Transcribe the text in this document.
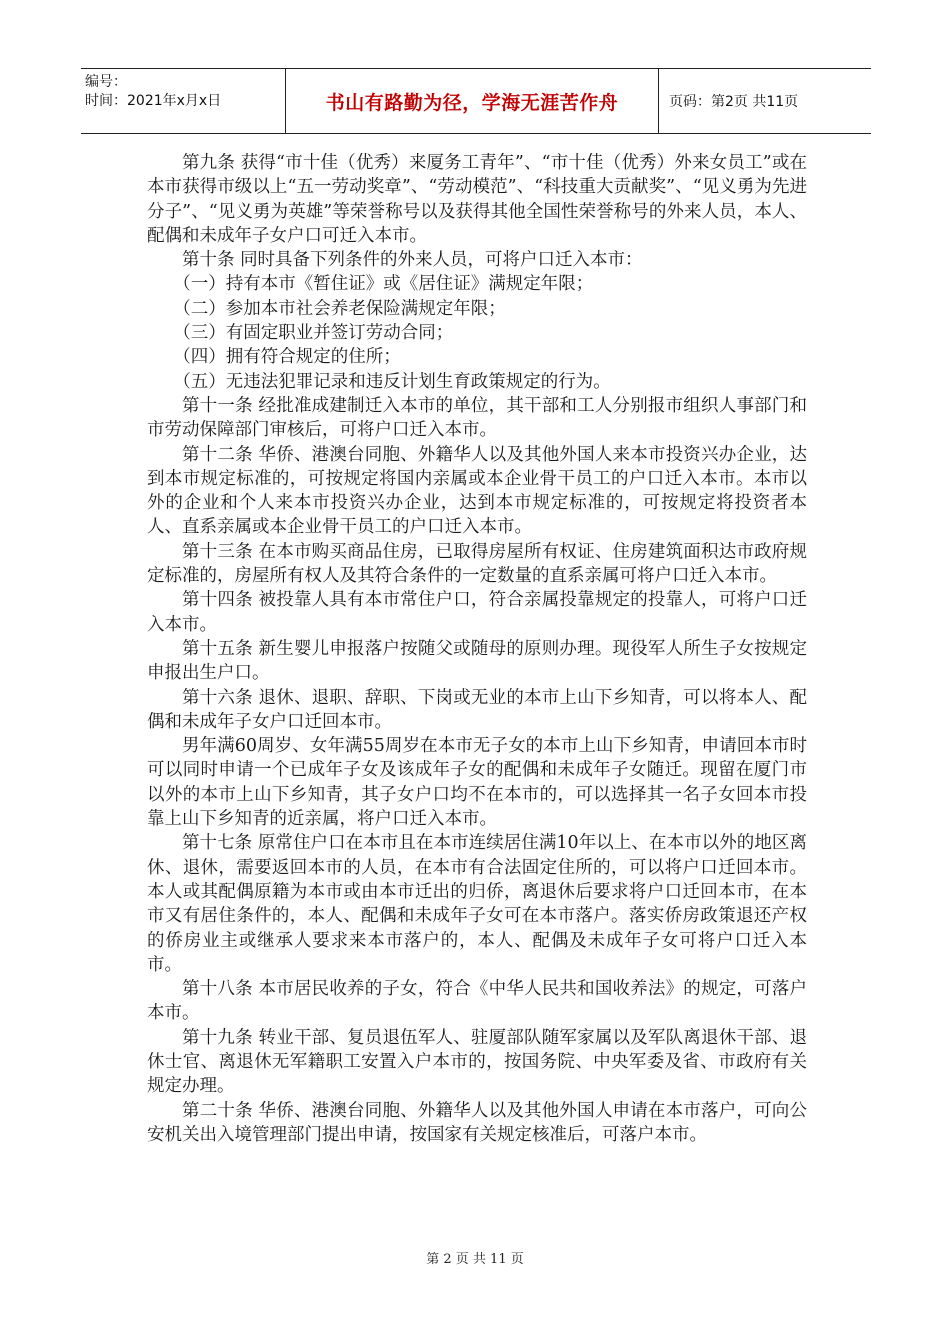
编号：
时间：2021年x月x日	书山有路勤为径，学海无涯苦作舟	页码：第2页 共11页

第九条 获得“市十佳（优秀）来厦务工青年”、“市十佳（优秀）外来女员工”或在本市获得市级以上“五一劳动奖章”、“劳动模范”、“科技重大贡献奖”、“见义勇为先进分子”、“见义勇为英雄”等荣誉称号以及获得其他全国性荣誉称号的外来人员，本人、配偶和未成年子女户口可迁入本市。

第十条 同时具备下列条件的外来人员，可将户口迁入本市：

（一）持有本市《暂住证》或《居住证》满规定年限；

（二）参加本市社会养老保险满规定年限；

（三）有固定职业并签订劳动合同；

（四）拥有符合规定的住所；

（五）无违法犯罪记录和违反计划生育政策规定的行为。

第十一条 经批准成建制迁入本市的单位，其干部和工人分别报市组织人事部门和市劳动保障部门审核后，可将户口迁入本市。

第十二条 华侨、港澳台同胞、外籍华人以及其他外国人来本市投资兴办企业，达到本市规定标准的，可按规定将国内亲属或本企业骨干员工的户口迁入本市。本市以外的企业和个人来本市投资兴办企业，达到本市规定标准的，可按规定将投资者本人、直系亲属或本企业骨干员工的户口迁入本市。

第十三条 在本市购买商品住房，已取得房屋所有权证、住房建筑面积达市政府规定标准的，房屋所有权人及其符合条件的一定数量的直系亲属可将户口迁入本市。

第十四条 被投靠人具有本市常住户口，符合亲属投靠规定的投靠人，可将户口迁入本市。

第十五条 新生婴儿申报落户按随父或随母的原则办理。现役军人所生子女按规定申报出生户口。

第十六条 退休、退职、辞职、下岗或无业的本市上山下乡知青，可以将本人、配偶和未成年子女户口迁回本市。

男年满60周岁、女年满55周岁在本市无子女的本市上山下乡知青，申请回本市时可以同时申请一个已成年子女及该成年子女的配偶和未成年子女随迁。现留在厦门市以外的本市上山下乡知青，其子女户口均不在本市的，可以选择其一名子女回本市投靠上山下乡知青的近亲属，将户口迁入本市。

第十七条 原常住户口在本市且在本市连续居住满10年以上、在本市以外的地区离休、退休，需要返回本市的人员，在本市有合法固定住所的，可以将户口迁回本市。本人或其配偶原籍为本市或由本市迁出的归侨，离退休后要求将户口迁回本市，在本市又有居住条件的，本人、配偶和未成年子女可在本市落户。落实侨房政策退还产权的侨房业主或继承人要求来本市落户的，本人、配偶及未成年子女可将户口迁入本市。

第十八条 本市居民收养的子女，符合《中华人民共和国收养法》的规定，可落户本市。

第十九条 转业干部、复员退伍军人、驻厦部队随军家属以及军队离退休干部、退休士官、离退休无军籍职工安置入户本市的，按国务院、中央军委及省、市政府有关规定办理。

第二十条 华侨、港澳台同胞、外籍华人以及其他外国人申请在本市落户，可向公安机关出入境管理部门提出申请，按国家有关规定核准后，可落户本市。

第 2 页 共 11 页
